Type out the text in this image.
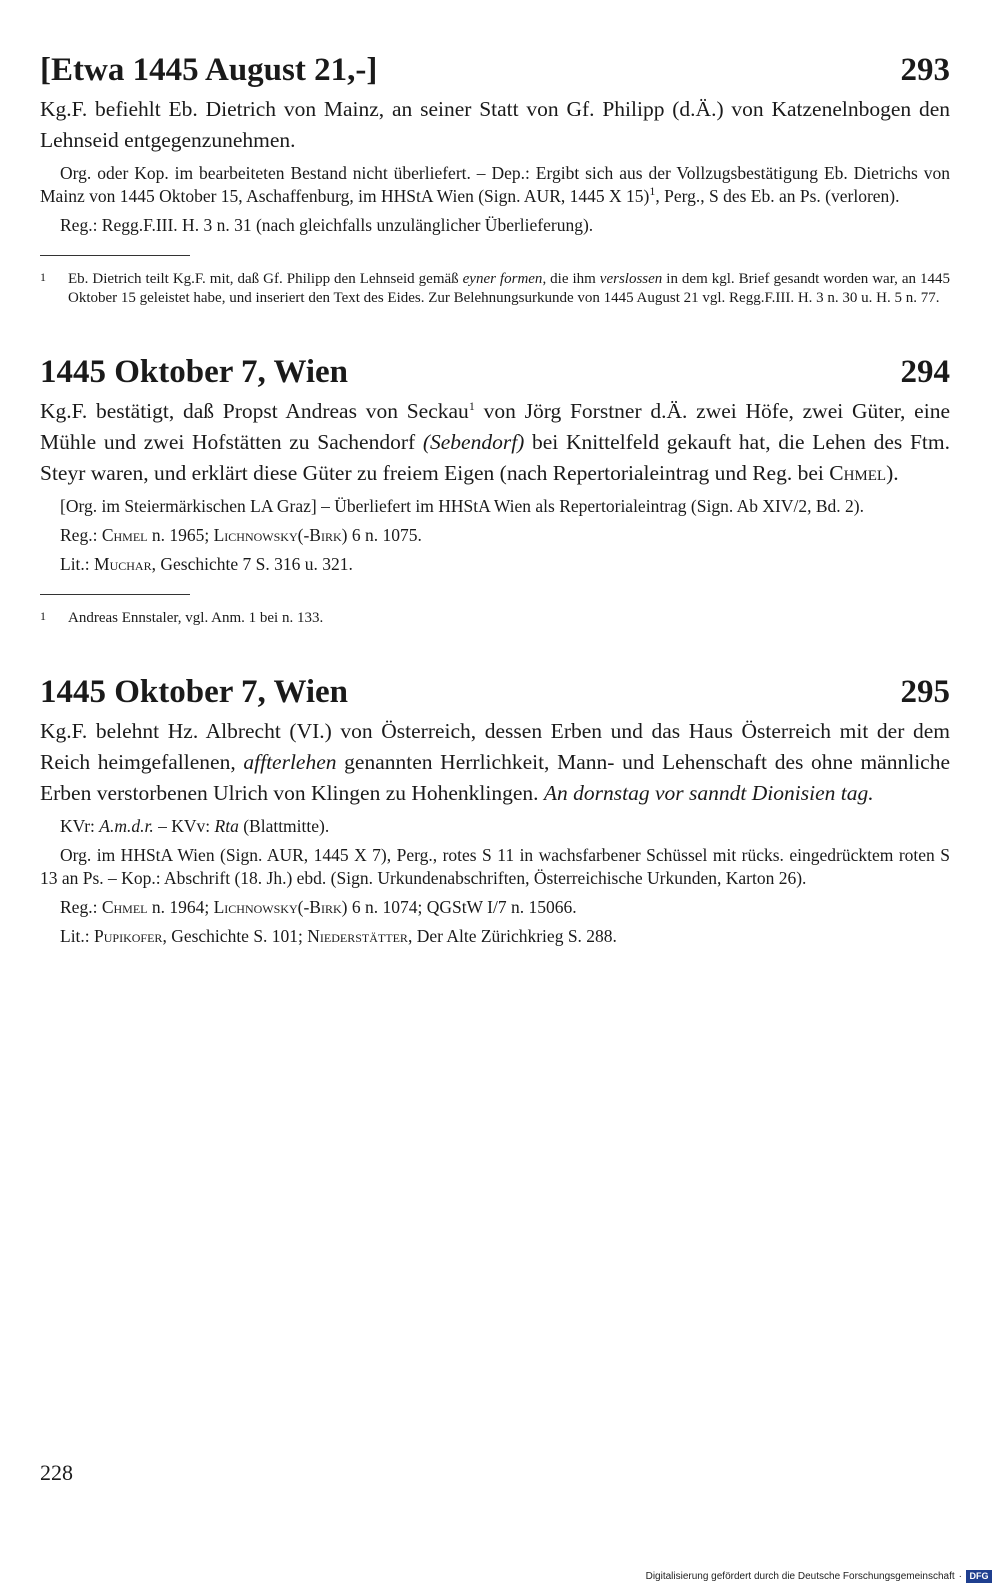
[Etwa 1445 August 21,-]	293

Kg.F. befiehlt Eb. Dietrich von Mainz, an seiner Statt von Gf. Philipp (d.Ä.) von Katzenelnbogen den Lehnseid entgegenzunehmen.

Org. oder Kop. im bearbeiteten Bestand nicht überliefert. – Dep.: Ergibt sich aus der Vollzugsbestätigung Eb. Dietrichs von Mainz von 1445 Oktober 15, Aschaffenburg, im HHStA Wien (Sign. AUR, 1445 X 15)$^1$, Perg., S des Eb. an Ps. (verloren).

Reg.: Regg.F.III. H. 3 n. 31 (nach gleichfalls unzulänglicher Überlieferung).

1 Eb. Dietrich teilt Kg.F. mit, daß Gf. Philipp den Lehnseid gemäß eyner formen, die ihm verslossen in dem kgl. Brief gesandt worden war, an 1445 Oktober 15 geleistet habe, und inseriert den Text des Eides. Zur Belehnungsurkunde von 1445 August 21 vgl. Regg.F.III. H. 3 n. 30 u. H. 5 n. 77.

1445 Oktober 7, Wien	294

Kg.F. bestätigt, daß Propst Andreas von Seckau$^1$ von Jörg Forstner d.Ä. zwei Höfe, zwei Güter, eine Mühle und zwei Hofstätten zu Sachendorf (Sebendorf) bei Knittelfeld gekauft hat, die Lehen des Ftm. Steyr waren, und erklärt diese Güter zu freiem Eigen (nach Repertorialeintrag und Reg. bei Chmel).

[Org. im Steiermärkischen LA Graz] – Überliefert im HHStA Wien als Repertorialeintrag (Sign. Ab XIV/2, Bd. 2).

Reg.: Chmel n. 1965; Lichnowsky(-Birk) 6 n. 1075.

Lit.: Muchar, Geschichte 7 S. 316 u. 321.

1 Andreas Ennstaler, vgl. Anm. 1 bei n. 133.

1445 Oktober 7, Wien	295

Kg.F. belehnt Hz. Albrecht (VI.) von Österreich, dessen Erben und das Haus Österreich mit der dem Reich heimgefallenen, affterlehen genannten Herrlichkeit, Mann- und Lehenschaft des ohne männliche Erben verstorbenen Ulrich von Klingen zu Hohenklingen. An dornstag vor sanndt Dionisien tag.

KVr: A.m.d.r. – KVv: Rta (Blattmitte).

Org. im HHStA Wien (Sign. AUR, 1445 X 7), Perg., rotes S 11 in wachsfarbener Schüssel mit rücks. eingedrücktem roten S 13 an Ps. – Kop.: Abschrift (18. Jh.) ebd. (Sign. Urkundenabschriften, Österreichische Urkunden, Karton 26).

Reg.: Chmel n. 1964; Lichnowsky(-Birk) 6 n. 1074; QGStW I/7 n. 15066.

Lit.: Pupikofer, Geschichte S. 101; Niederstätter, Der Alte Zürichkrieg S. 288.

228
Digitalisierung gefördert durch die Deutsche Forschungsgemeinschaft · DFG
